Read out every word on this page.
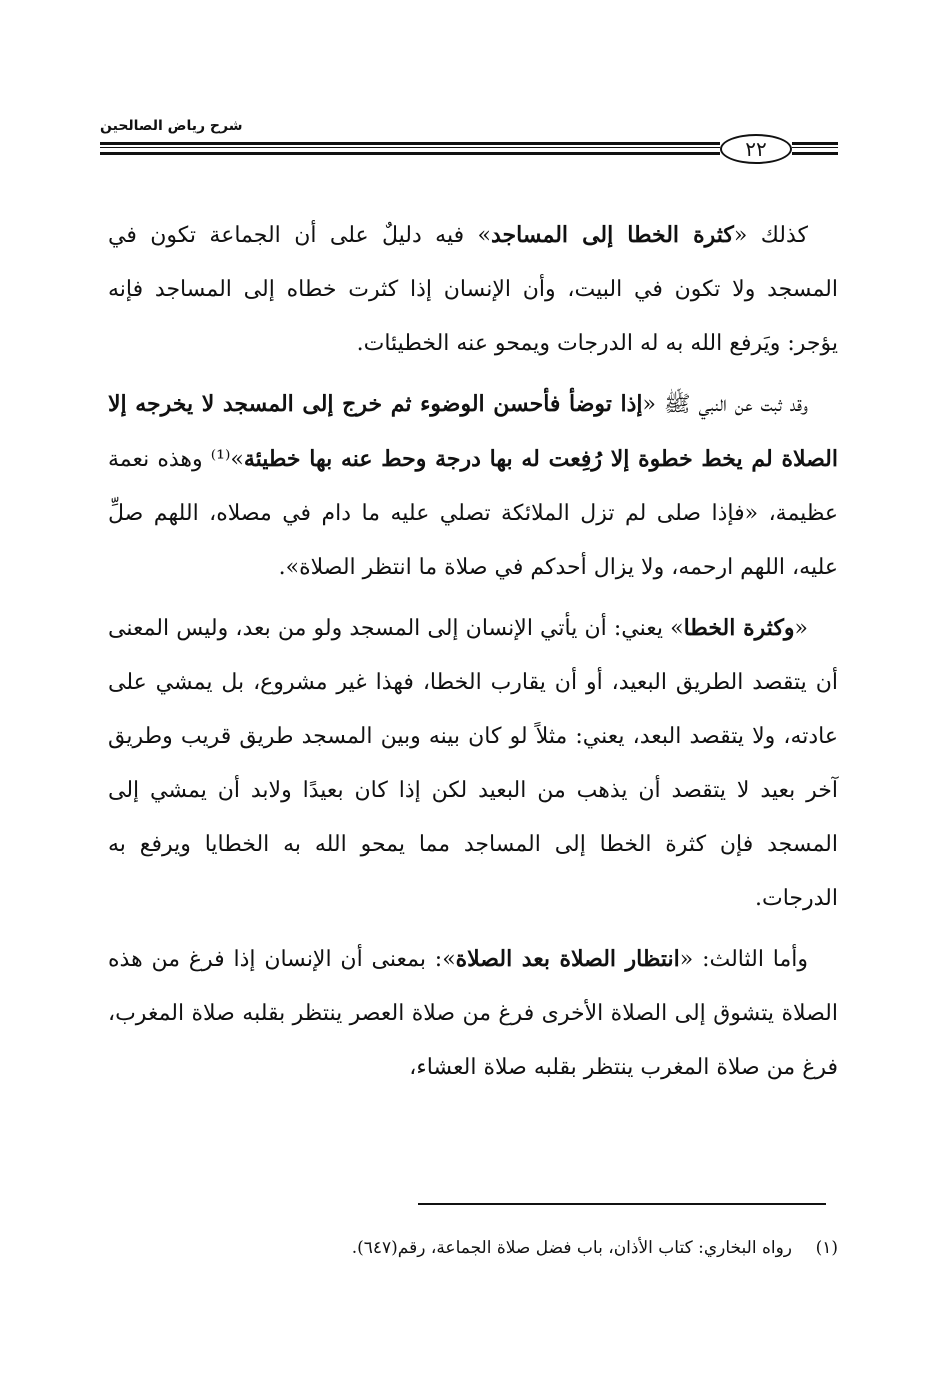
شرح رياض الصالحين
٢٢

كذلك «كثرة الخطا إلى المساجد» فيه دليلٌ على أن الجماعة تكون في المسجد ولا تكون في البيت، وأن الإنسان إذا كثرت خطاه إلى المساجد فإنه يؤجر: ويَرفع الله به له الدرجات ويمحو عنه الخطيئات.

وقد ثبت عن النبي ﷺ «إذا توضأ فأحسن الوضوء ثم خرج إلى المسجد لا يخرجه إلا الصلاة لم يخط خطوة إلا رُفِعت له بها درجة وحط عنه بها خطيئة»⁽¹⁾ وهذه نعمة عظيمة، «فإذا صلى لم تزل الملائكة تصلي عليه ما دام في مصلاه، اللهم صلِّ عليه، اللهم ارحمه، ولا يزال أحدكم في صلاة ما انتظر الصلاة».

«وكثرة الخطا» يعني: أن يأتي الإنسان إلى المسجد ولو من بعد، وليس المعنى أن يتقصد الطريق البعيد، أو أن يقارب الخطا، فهذا غير مشروع، بل يمشي على عادته، ولا يتقصد البعد، يعني: مثلاً لو كان بينه وبين المسجد طريق قريب وطريق آخر بعيد لا يتقصد أن يذهب من البعيد لكن إذا كان بعيدًا ولابد أن يمشي إلى المسجد فإن كثرة الخطا إلى المساجد مما يمحو الله به الخطايا ويرفع به الدرجات.

وأما الثالث: «انتظار الصلاة بعد الصلاة»: بمعنى أن الإنسان إذا فرغ من هذه الصلاة يتشوق إلى الصلاة الأخرى فرغ من صلاة العصر ينتظر بقلبه صلاة المغرب، فرغ من صلاة المغرب ينتظر بقلبه صلاة العشاء،

(١)رواه البخاري: كتاب الأذان، باب فضل صلاة الجماعة، رقم(٦٤٧).
